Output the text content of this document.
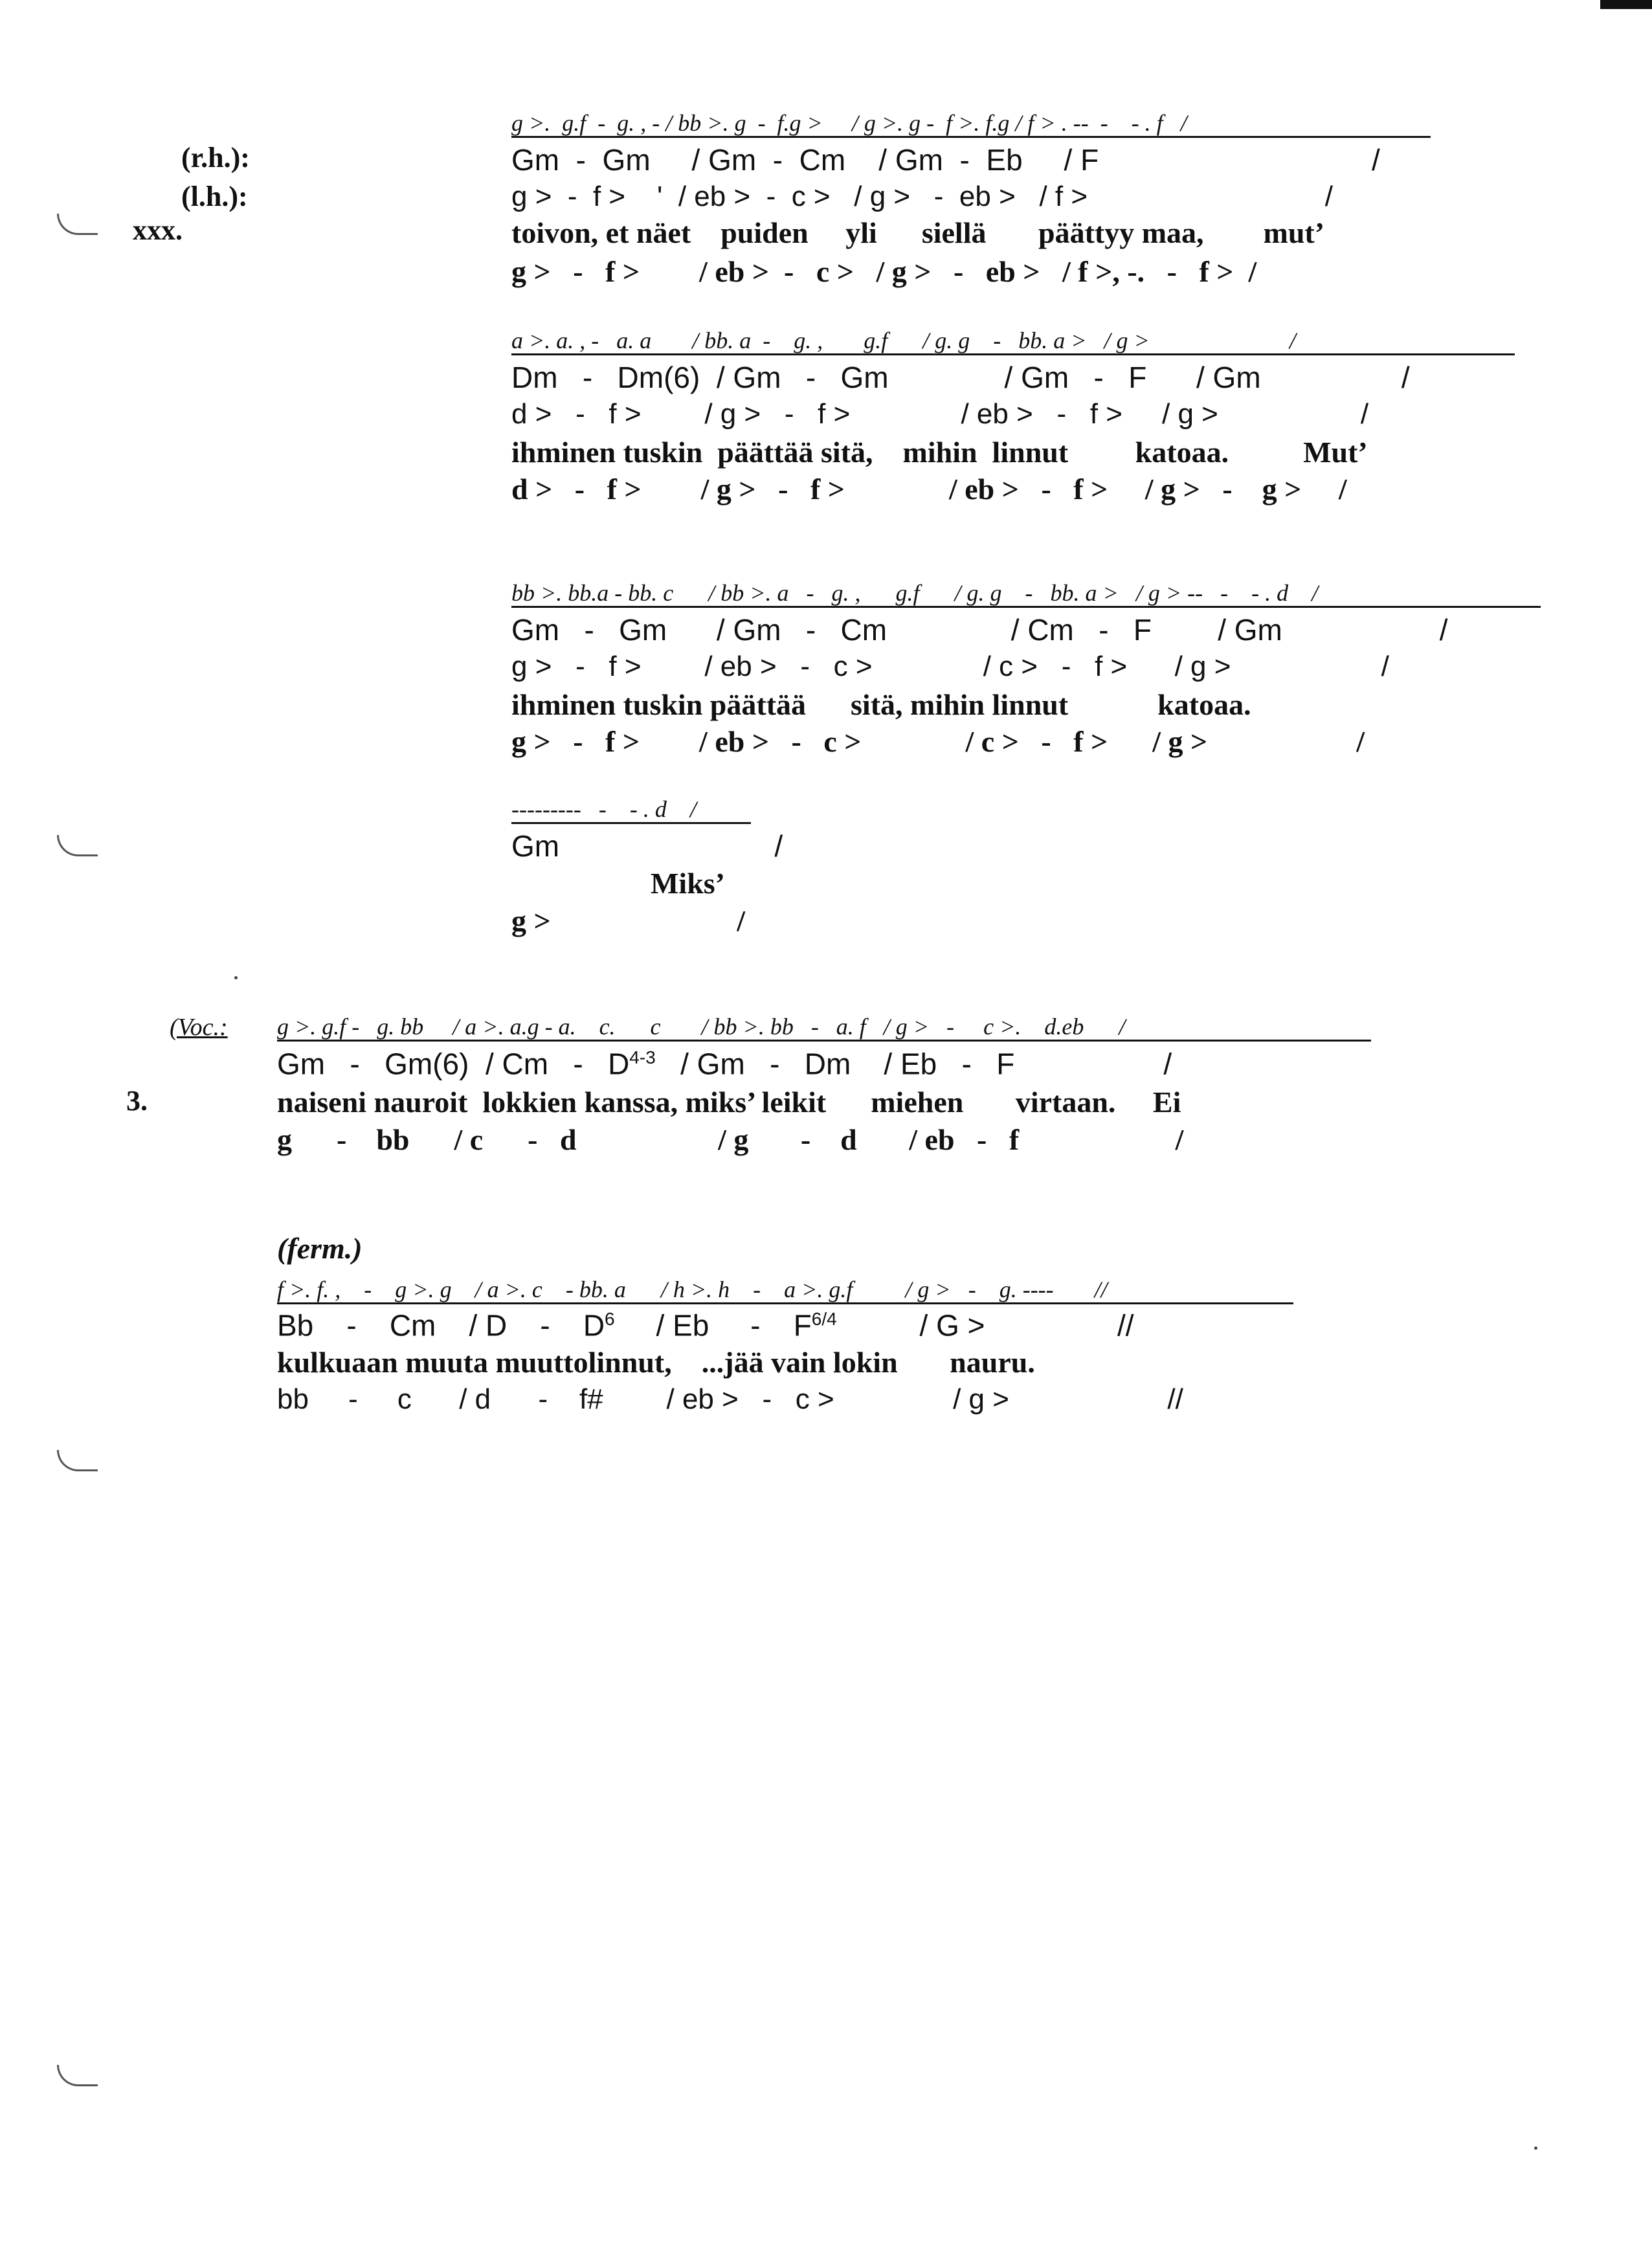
(r.h.):
(l.h.):
xxx.
(Voc.:
3.
g >.  g.f  -  g. , - / bb >. g  -  f.g >     / g >. g -  f >. f.g / f > . --  -    - . f   /
Gm  -  Gm     / Gm  -  Cm    / Gm  -  Eb     / F                                 /
g >  -  f >    '  / eb >  -  c >   / g >   -  eb >   / f >                              /
toivon, et näet    puiden     yli      siellä       päättyy maa,        mut’
g >   -   f >        / eb >  -   c >   / g >   -   eb >   / f >, -.   -   f >  /
a >. a. , -   a. a       / bb. a  -    g. ,       g.f      / g. g    -   bb. a >   / g >                        /
Dm   -   Dm(6)  / Gm   -   Gm              / Gm   -   F      / Gm                 /
d >   -   f >        / g >   -   f >              / eb >   -   f >     / g >                  /
ihminen tuskin  päättää sitä,    mihin  linnut         katoaa.          Mut’
d >   -   f >        / g >   -   f >              / eb >   -   f >     / g >   -    g >     /
bb >. bb.a - bb. c      / bb >. a   -   g. ,      g.f      / g. g    -   bb. a >   / g > --   -    - . d    /
Gm   -   Gm      / Gm   -   Cm               / Cm   -   F        / Gm                   /
g >   -   f >        / eb >   -   c >              / c >   -   f >      / g >                   /
ihminen tuskin päättää      sitä, mihin linnut            katoaa.
g >   -   f >        / eb >   -   c >              / c >   -   f >      / g >                    /
---------   -    - . d    /
Gm                          /
Miks’
g >                         /
g >. g.f -   g. bb     / a >. a.g - a.    c.      c       / bb >. bb   -   a. f   / g >   -     c >.    d.eb      /
Gm   -   Gm(6)  / Cm   -   $D^{4-3}$   / Gm   -   Dm    / Eb   -   F                  /
naiseni nauroit  lokkien kanssa, miks’ leikit      miehen       virtaan.     Ei
g      -    bb      / c      -   d                   / g       -    d       / eb   -   f                     /
(ferm.)
f >. f. ,    -    g >. g    / a >. c    - bb. a      / h >. h    -    a >. g.f         / g >   -    g. ----       //
Bb    -    Cm    / D    -    $D^6$     / Eb     -    $F^{6/4}$          / G >                //
kulkuaan muuta muuttolinnut,    ...jää vain lokin       nauru.
bb     -     c      / d      -    f#        / eb >   -   c >               / g >                    //
